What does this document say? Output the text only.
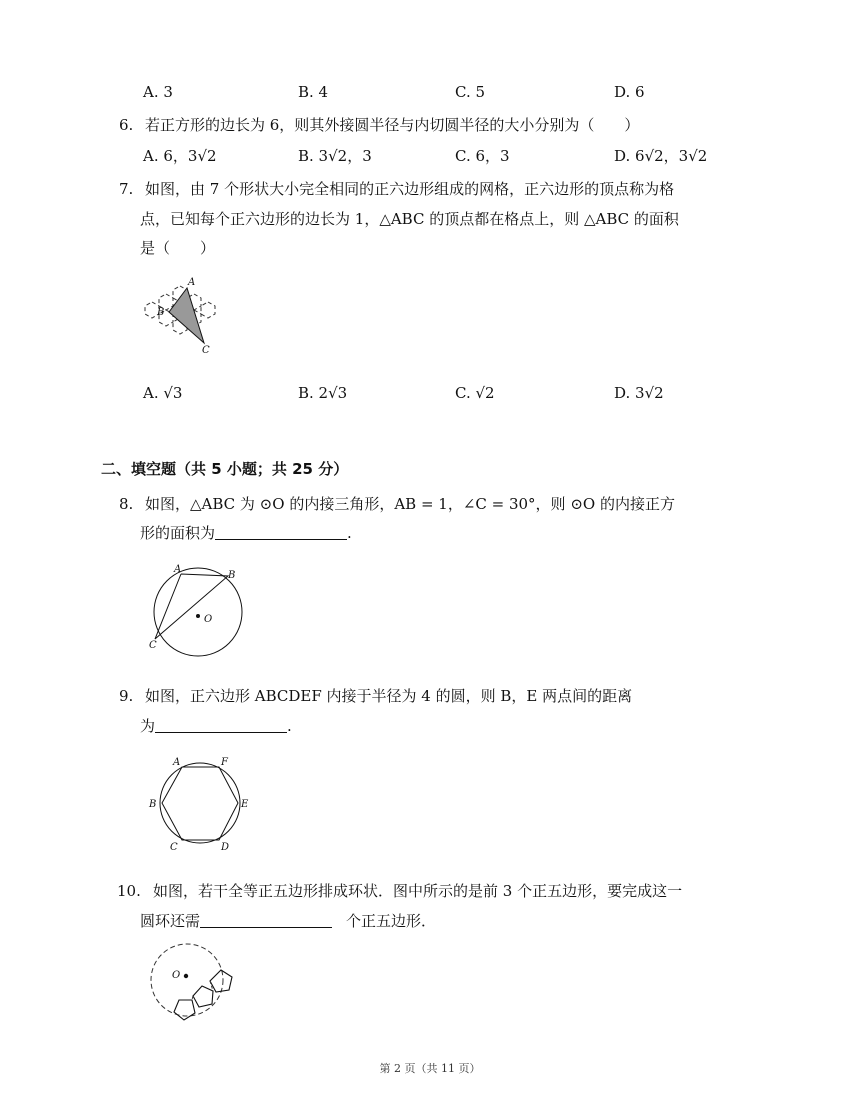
A. 3	B. 4	C. 5	D. 6
6. 若正方形的边长为 6，则其外接圆半径与内切圆半径的大小分别为（　　）
A. 6，3√2	B. 3√2，3	C. 6，3	D. 6√2，3√2
7. 如图，由 7 个形状大小完全相同的正六边形组成的网格，正六边形的顶点称为格
点，已知每个正六边形的边长为 1，△ABC 的顶点都在格点上，则 △ABC 的面积
是（　　）
A
B
C
A. √3	B. 2√3	C. √2	D. 3√2
二、填空题（共 5 小题；共 25 分）
8. 如图，△ABC 为 ⊙O 的内接三角形，AB = 1，∠C = 30°，则 ⊙O 的内接正方
形的面积为	.
A
B
C
O
9. 如图，正六边形 ABCDEF 内接于半径为 4 的圆，则 B，E 两点间的距离
为	.
A	F
B	E
C	D
10. 如图，若干全等正五边形排成环状．图中所示的是前 3 个正五边形，要完成这一
圆环还需	个正五边形．
O
第 2 页（共 11 页）
